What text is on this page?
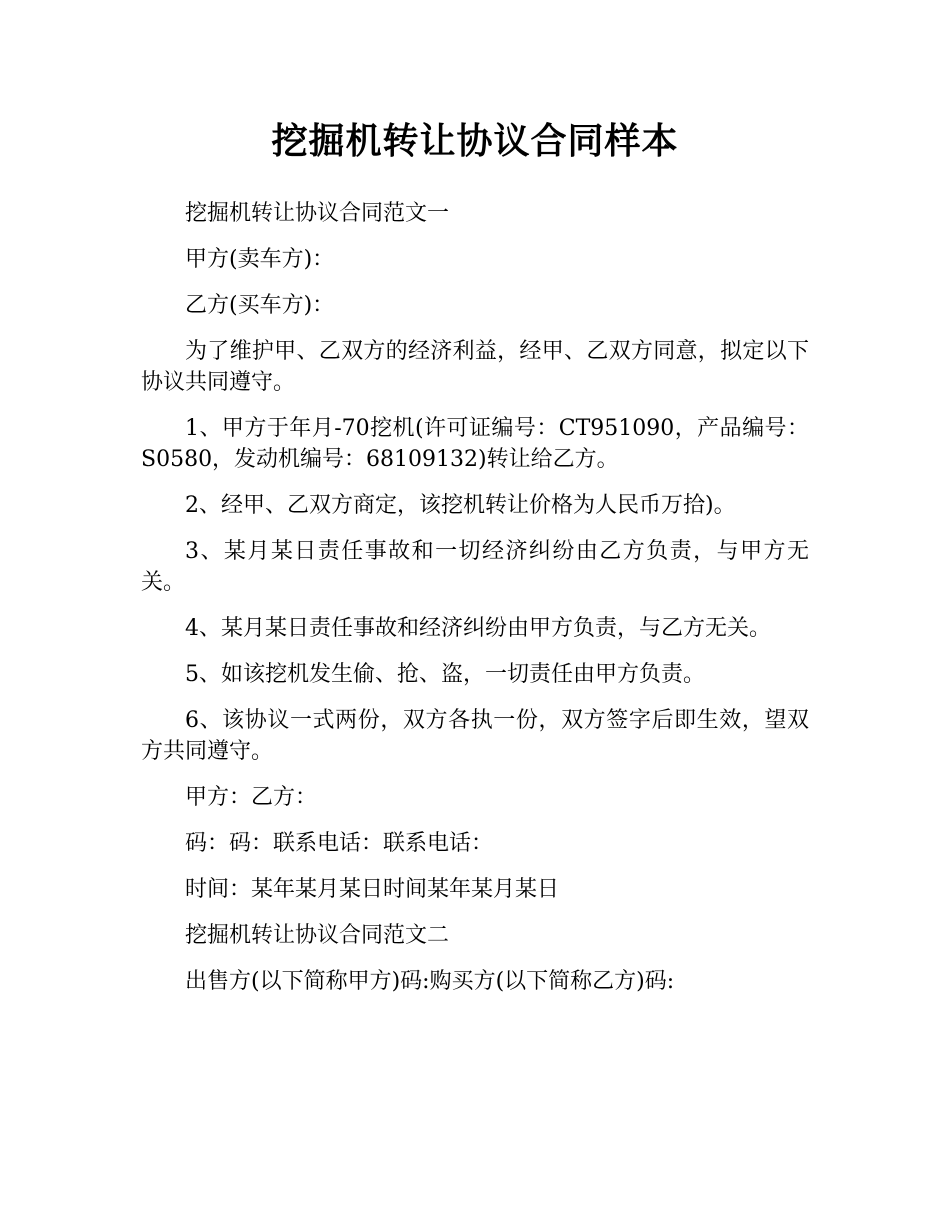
挖掘机转让协议合同样本

挖掘机转让协议合同范文一

甲方(卖车方)：

乙方(买车方)：

为了维护甲、乙双方的经济利益，经甲、乙双方同意，拟定以下协议共同遵守。

1、甲方于年月-70挖机(许可证编号：CT951090，产品编号：S0580，发动机编号：68109132)转让给乙方。

2、经甲、乙双方商定，该挖机转让价格为人民币万拾)。

3、某月某日责任事故和一切经济纠纷由乙方负责，与甲方无关。

4、某月某日责任事故和经济纠纷由甲方负责，与乙方无关。

5、如该挖机发生偷、抢、盗，一切责任由甲方负责。

6、该协议一式两份，双方各执一份，双方签字后即生效，望双方共同遵守。

甲方：乙方：

码：码：联系电话：联系电话：

时间：某年某月某日时间某年某月某日

挖掘机转让协议合同范文二

出售方(以下简称甲方)码:购买方(以下简称乙方)码:
